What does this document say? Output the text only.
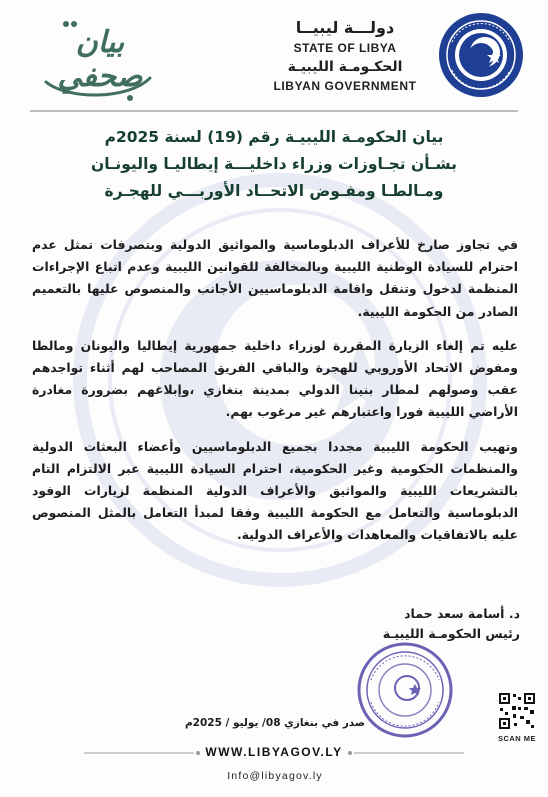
دولـــة ليبيــا
STATE OF LIBYA
الحكـومـة الليبيـة
LIBYAN GOVERNMENT
بيان صحفي
بيان الحكومـة الليبيـة رقم (19) لسنة 2025م
بشـأن تجـاوزات وزراء داخليـــة إيطاليـا واليونـان
ومـالطـا ومفـوض الاتحــاد الأوربـــي للهجـرة

في تجاوز صارخ للأعراف الدبلوماسية والمواثيق الدولية وبتصرفات تمثل عدم احترام للسيادة الوطنية الليبية وبالمخالفة للقوانين الليبية وعدم اتباع الإجراءات المنظمة لدخول وتنقل واقامة الدبلوماسيين الأجانب والمنصوص عليها بالتعميم الصادر من الحكومة الليبية.

عليه تم إلغاء الزيارة المقررة لوزراء داخلية جمهورية إيطاليا واليونان ومالطا ومفوض الاتحاد الأوروبي للهجرة والباقي الفريق المصاحب لهم أثناء تواجدهم عقب وصولهم لمطار بنينا الدولي بمدينة بنغازي ،وإبلاغهم بضرورة مغادرة الأراضي الليبية فورا واعتبارهم غير مرغوب بهم.

وتهيب الحكومة الليبية مجددا بجميع الدبلوماسيين وأعضاء البعثات الدولية والمنظمات الحكومية وغير الحكومية، احترام السيادة الليبية عبر الالتزام التام بالتشريعات الليبية والمواثيق والأعراف الدولية المنظمة لزيارات الوفود الدبلوماسية والتعامل مع الحكومة الليبية وفقا لمبدأ التعامل بالمثل المنصوص عليه بالاتفاقيات والمعاهدات والأعراف الدولية.

د. أسامة سعد حماد
رئيس الحكومـة الليبيـة
صدر في بنغازي 08/ يوليو / 2025م
WWW.LIBYAGOV.LY
Info@libyagov.ly
SCAN ME
